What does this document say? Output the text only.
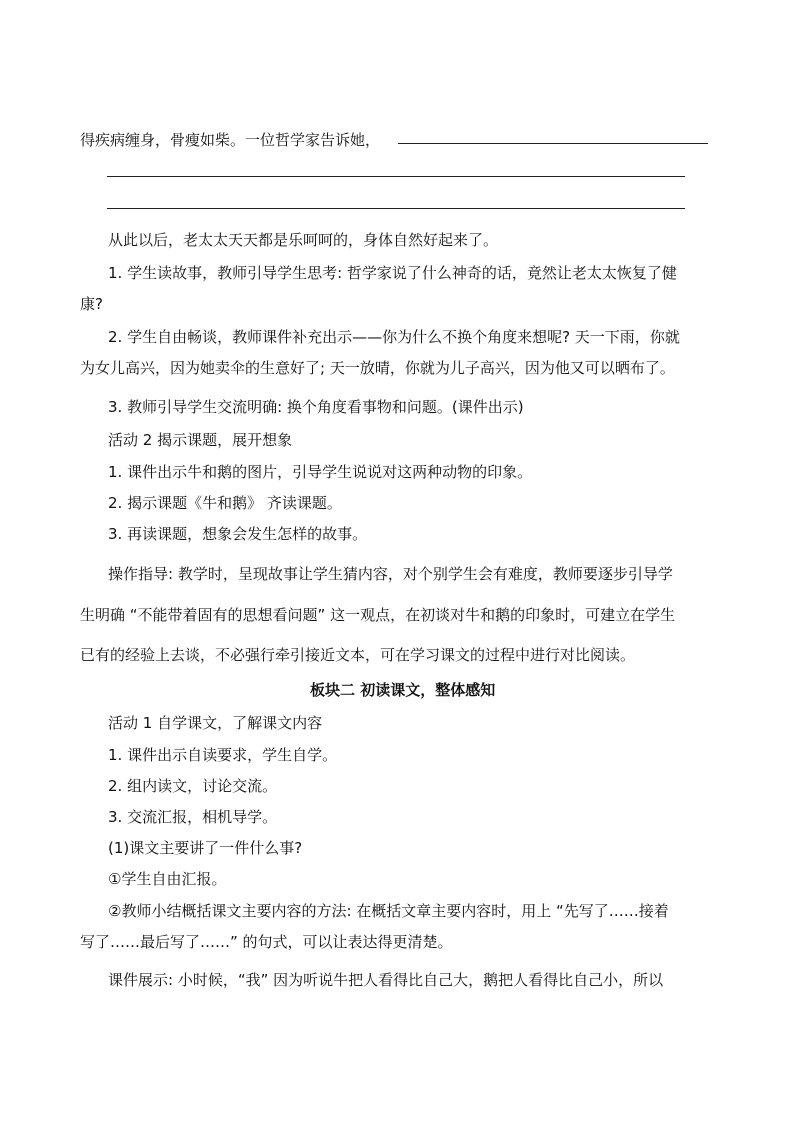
得疾病缠身，骨瘦如柴。一位哲学家告诉她，
从此以后，老太太天天都是乐呵呵的，身体自然好起来了。
1. 学生读故事，教师引导学生思考: 哲学家说了什么神奇的话，竟然让老太太恢复了健
康?
2. 学生自由畅谈，教师课件补充出示——你为什么不换个角度来想呢? 天一下雨，你就
为女儿高兴，因为她卖伞的生意好了; 天一放晴，你就为儿子高兴，因为他又可以晒布了。
3. 教师引导学生交流明确: 换个角度看事物和问题。(课件出示)
活动 2 揭示课题，展开想象
1. 课件出示牛和鹅的图片，引导学生说说对这两种动物的印象。
2. 揭示课题《牛和鹅》 齐读课题。
3. 再读课题，想象会发生怎样的故事。
操作指导: 教学时，呈现故事让学生猜内容，对个别学生会有难度，教师要逐步引导学
生明确 “不能带着固有的思想看问题” 这一观点，在初谈对牛和鹅的印象时，可建立在学生
已有的经验上去谈，不必强行牵引接近文本，可在学习课文的过程中进行对比阅读。
板块二 初读课文，整体感知
活动 1 自学课文，了解课文内容
1. 课件出示自读要求，学生自学。
2. 组内读文，讨论交流。
3. 交流汇报，相机导学。
(1)课文主要讲了一件什么事?
①学生自由汇报。
②教师小结概括课文主要内容的方法: 在概括文章主要内容时，用上 “先写了……接着
写了……最后写了……” 的句式，可以让表达得更清楚。
课件展示: 小时候，“我” 因为听说牛把人看得比自己大，鹅把人看得比自己小，所以
